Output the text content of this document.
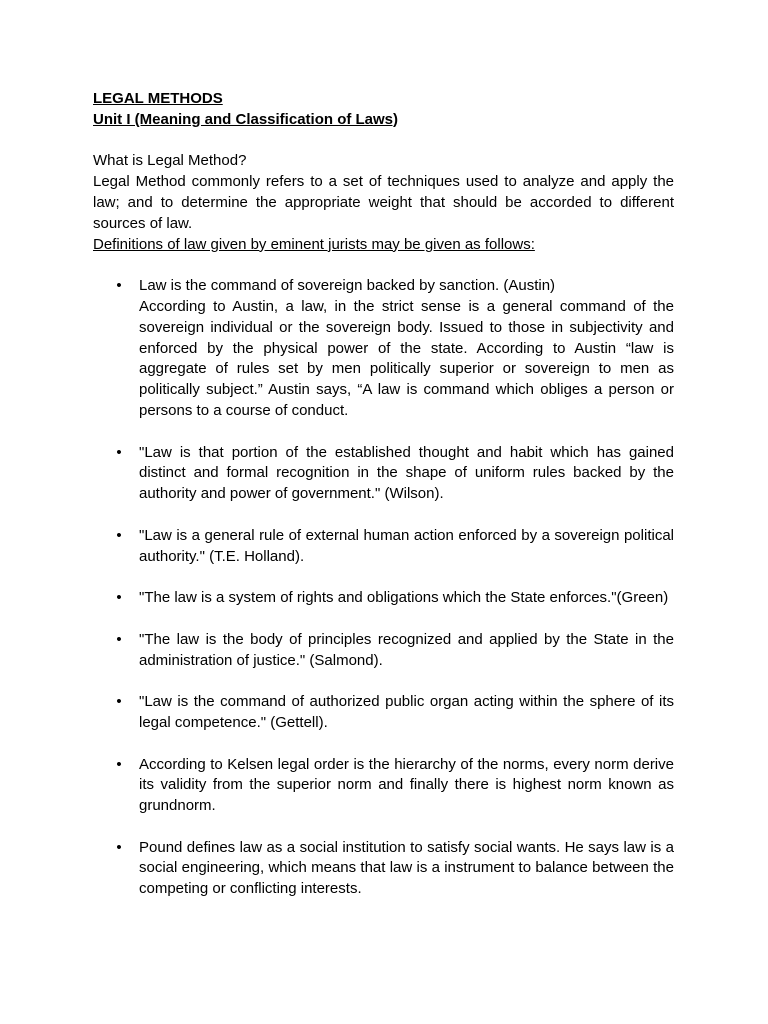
LEGAL METHODS

Unit I (Meaning and Classification of Laws)

What is Legal Method?

Legal Method commonly refers to a set of techniques used to analyze and apply the law; and to determine the appropriate weight that should be accorded to different sources of law.

Definitions of law given by eminent jurists may be given as follows:

• Law is the command of sovereign backed by sanction. (Austin)
According to Austin, a law, in the strict sense is a general command of the sovereign individual or the sovereign body. Issued to those in subjectivity and enforced by the physical power of the state. According to Austin “law is aggregate of rules set by men politically superior or sovereign to men as politically subject.” Austin says, “A law is command which obliges a person or persons to a course of conduct.
• "Law is that portion of the established thought and habit which has gained distinct and formal recognition in the shape of uniform rules backed by the authority and power of government." (Wilson).
• "Law is a general rule of external human action enforced by a sovereign political authority." (T.E. Holland).
• "The law is a system of rights and obligations which the State enforces."(Green)
• "The law is the body of principles recognized and applied by the State in the administration of justice." (Salmond).
• "Law is the command of authorized public organ acting within the sphere of its legal competence." (Gettell).
• According to Kelsen legal order is the hierarchy of the norms, every norm derive its validity from the superior norm and finally there is highest norm known as grundnorm.
• Pound defines law as a social institution to satisfy social wants. He says law is a social engineering, which means that law is a instrument to balance between the competing or conflicting interests.
